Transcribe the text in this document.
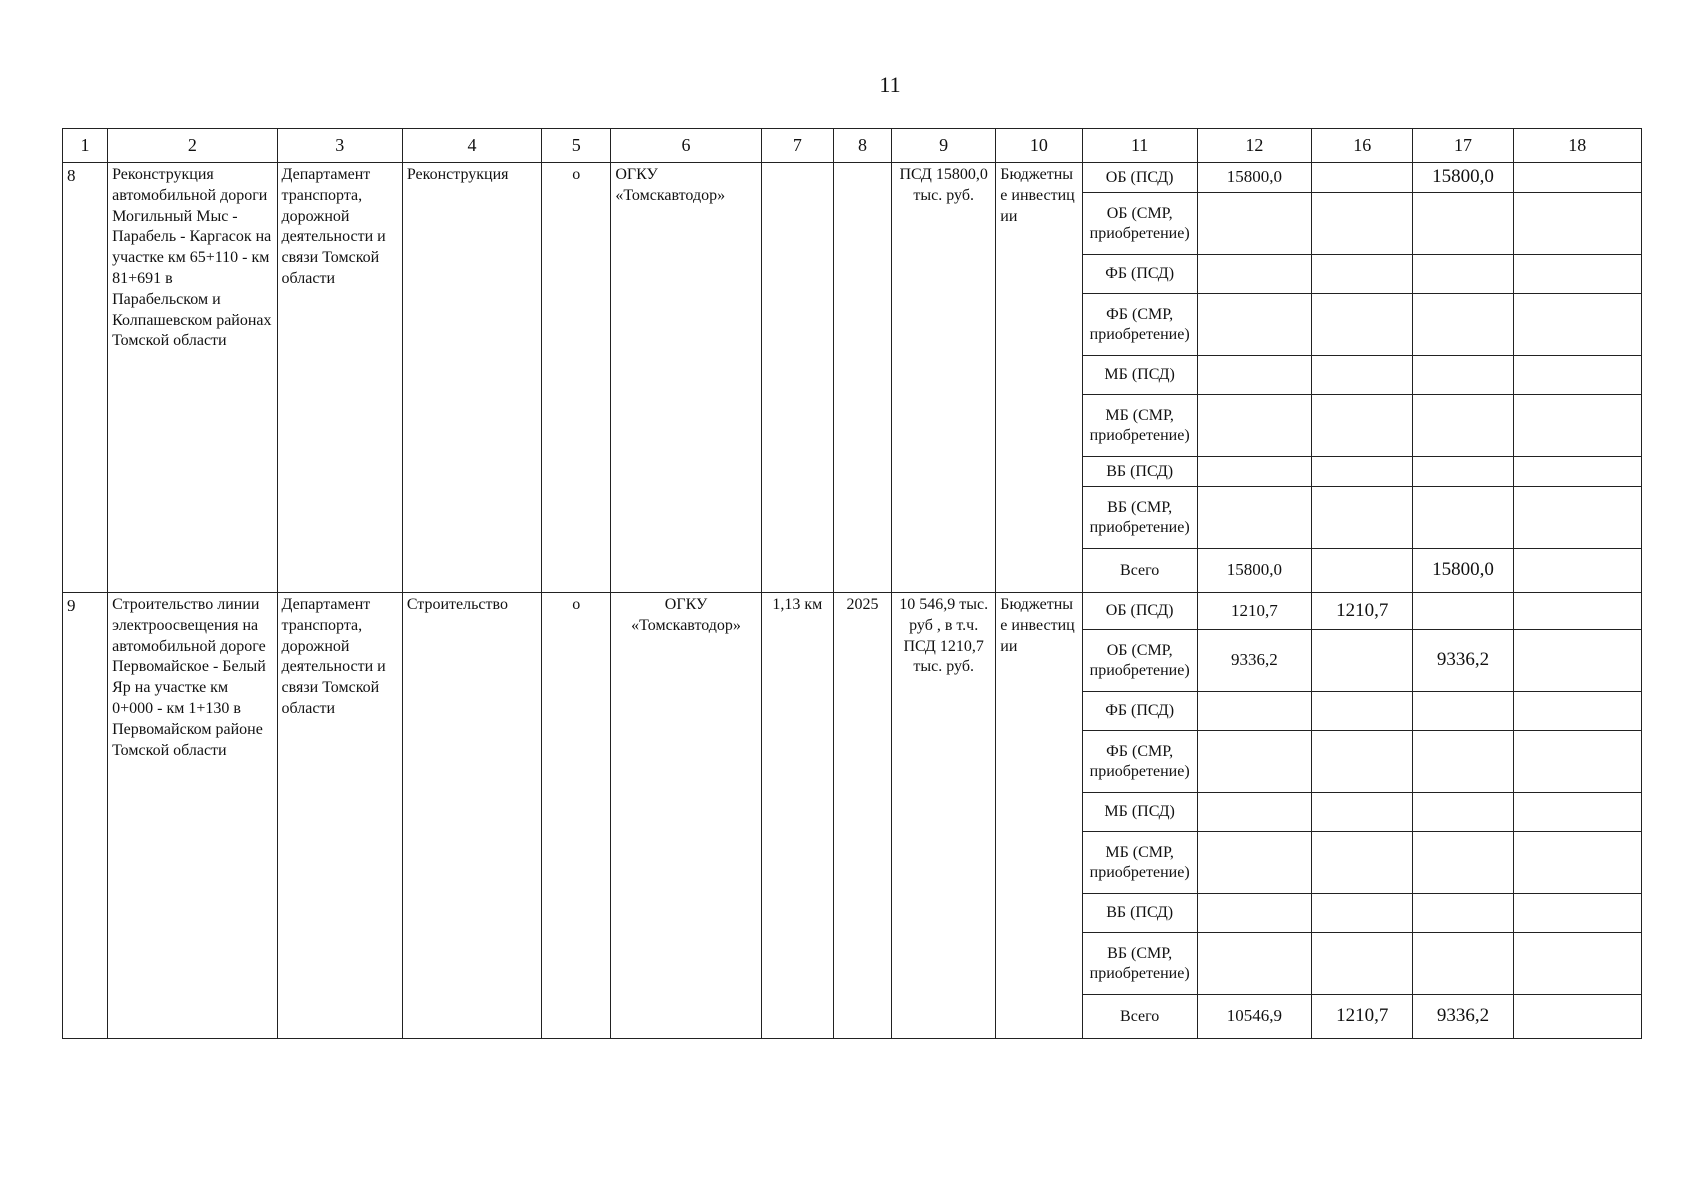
11
1	2	3	4	5	6	7	8	9	10	11	12	16	17	18
8	Реконструкция автомобильной дороги Могильный Мыс - Парабель - Каргасок на участке км 65+110 - км 81+691 в Парабельском и Колпашевском районах Томской области	Департамент транспорта, дорожной деятельности и связи Томской области	Реконструкция	о	ОГКУ «Томскавтодор»			ПСД 15800,0 тыс. руб.	Бюджетные инвестиции	ОБ (ПСД)	15800,0		15800,0	
										ОБ (СМР, приобретение)				
										ФБ (ПСД)				
										ФБ (СМР, приобретение)				
										МБ (ПСД)				
										МБ (СМР, приобретение)				
										ВБ (ПСД)				
										ВБ (СМР, приобретение)				
										Всего	15800,0		15800,0	
9	Строительство линии электроосвещения на автомобильной дороге Первомайское - Белый Яр на участке км 0+000 - км 1+130 в Первомайском районе Томской области	Департамент транспорта, дорожной деятельности и связи Томской области	Строительство	о	ОГКУ «Томскавтодор»	1,13 км	2025	10 546,9 тыс. руб , в т.ч. ПСД 1210,7 тыс. руб.	Бюджетные инвестиции	ОБ (ПСД)	1210,7	1210,7		
										ОБ (СМР, приобретение)	9336,2		9336,2	
										ФБ (ПСД)				
										ФБ (СМР, приобретение)				
										МБ (ПСД)				
										МБ (СМР, приобретение)				
										ВБ (ПСД)				
										ВБ (СМР, приобретение)				
										Всего	10546,9	1210,7	9336,2	
